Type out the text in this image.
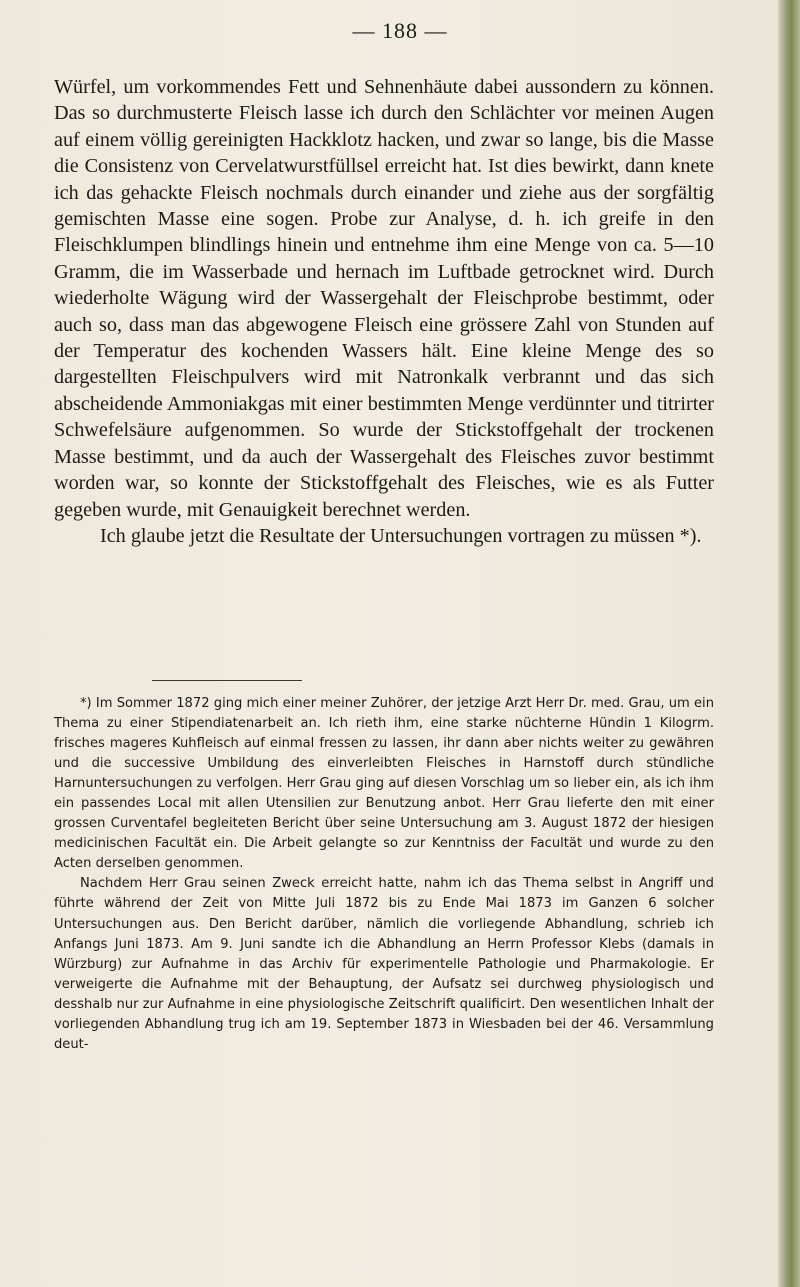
— 188 —

Würfel, um vorkommendes Fett und Sehnenhäute dabei aussondern zu können. Das so durchmusterte Fleisch lasse ich durch den Schlächter vor meinen Augen auf einem völlig gereinigten Hackklotz hacken, und zwar so lange, bis die Masse die Consistenz von Cervelatwurstfüllsel erreicht hat. Ist dies bewirkt, dann knete ich das gehackte Fleisch nochmals durch einander und ziehe aus der sorgfältig gemischten Masse eine sogen. Probe zur Analyse, d. h. ich greife in den Fleischklumpen blindlings hinein und entnehme ihm eine Menge von ca. 5—10 Gramm, die im Wasserbade und hernach im Luftbade getrocknet wird. Durch wiederholte Wägung wird der Wassergehalt der Fleischprobe bestimmt, oder auch so, dass man das abgewogene Fleisch eine grössere Zahl von Stunden auf der Temperatur des kochenden Wassers hält. Eine kleine Menge des so dargestellten Fleischpulvers wird mit Natronkalk verbrannt und das sich abscheidende Ammoniakgas mit einer bestimmten Menge verdünnter und titrirter Schwefelsäure aufgenommen. So wurde der Stickstoffgehalt der trockenen Masse bestimmt, und da auch der Wassergehalt des Fleisches zuvor bestimmt worden war, so konnte der Stickstoffgehalt des Fleisches, wie es als Futter gegeben wurde, mit Genauigkeit berechnet werden.

Ich glaube jetzt die Resultate der Untersuchungen vortragen zu müssen *).

*) Im Sommer 1872 ging mich einer meiner Zuhörer, der jetzige Arzt Herr Dr. med. Grau, um ein Thema zu einer Stipendiatenarbeit an. Ich rieth ihm, eine starke nüchterne Hündin 1 Kilogrm. frisches mageres Kuhfleisch auf einmal fressen zu lassen, ihr dann aber nichts weiter zu gewähren und die successive Umbildung des einverleibten Fleisches in Harnstoff durch stündliche Harnuntersuchungen zu verfolgen. Herr Grau ging auf diesen Vorschlag um so lieber ein, als ich ihm ein passendes Local mit allen Utensilien zur Benutzung anbot. Herr Grau lieferte den mit einer grossen Curventafel begleiteten Bericht über seine Untersuchung am 3. August 1872 der hiesigen medicinischen Facultät ein. Die Arbeit gelangte so zur Kenntniss der Facultät und wurde zu den Acten derselben genommen.

Nachdem Herr Grau seinen Zweck erreicht hatte, nahm ich das Thema selbst in Angriff und führte während der Zeit von Mitte Juli 1872 bis zu Ende Mai 1873 im Ganzen 6 solcher Untersuchungen aus. Den Bericht darüber, nämlich die vorliegende Abhandlung, schrieb ich Anfangs Juni 1873. Am 9. Juni sandte ich die Abhandlung an Herrn Professor Klebs (damals in Würzburg) zur Aufnahme in das Archiv für experimentelle Pathologie und Pharmakologie. Er verweigerte die Aufnahme mit der Behauptung, der Aufsatz sei durchweg physiologisch und desshalb nur zur Aufnahme in eine physiologische Zeitschrift qualificirt. Den wesentlichen Inhalt der vorliegenden Abhandlung trug ich am 19. September 1873 in Wiesbaden bei der 46. Versammlung deut-
